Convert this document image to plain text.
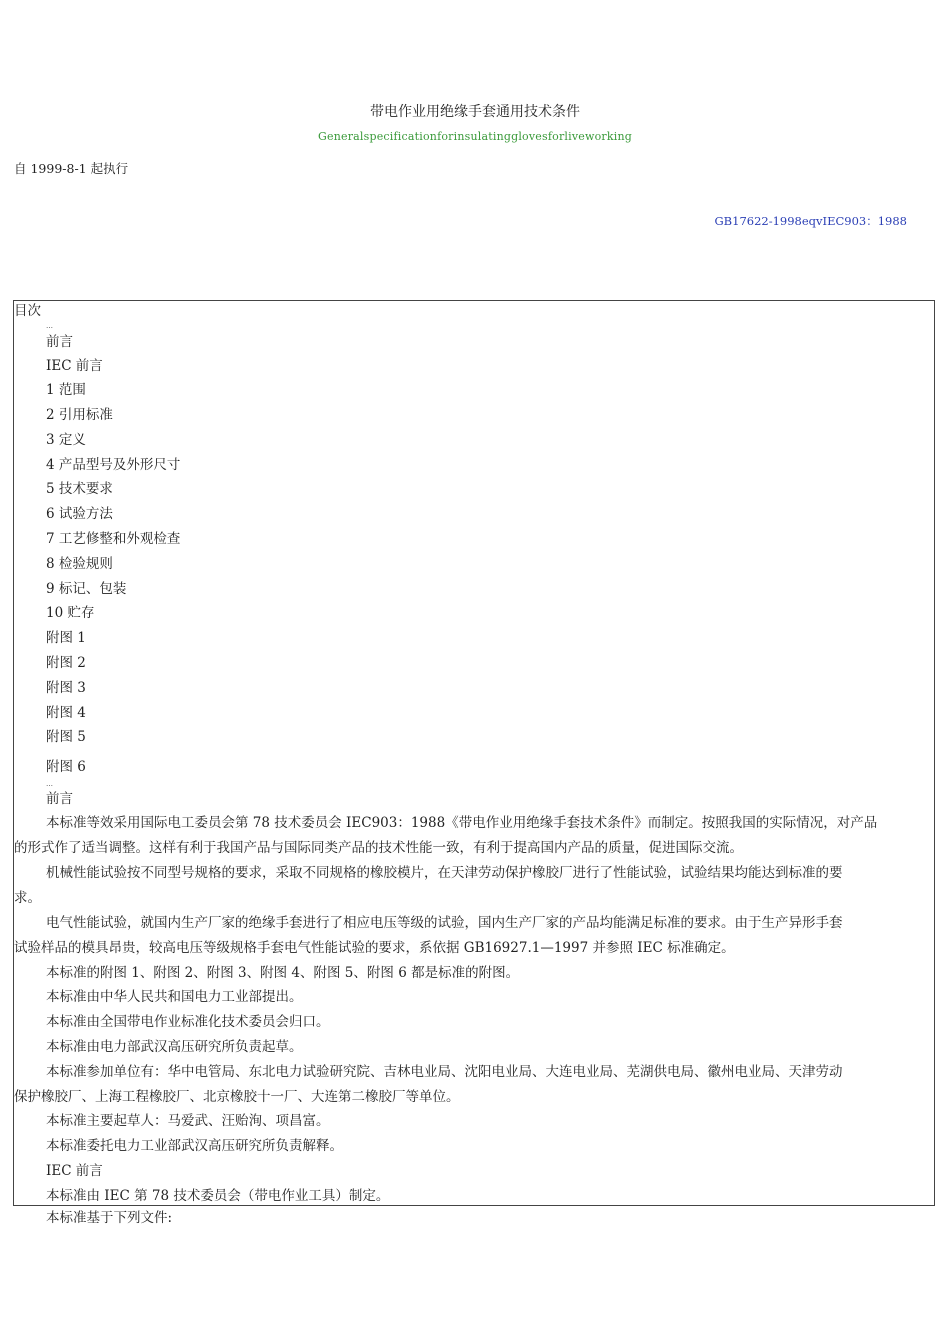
带电作业用绝缘手套通用技术条件
Generalspecificationforinsulatingglovesforliveworking
自 1999-8-1 起执行
GB17622-1998eqvIEC903：1988
目次
…
前言
IEC 前言
1 范围
2 引用标准
3 定义
4 产品型号及外形尺寸
5 技术要求
6 试验方法
7 工艺修整和外观检查
8 检验规则
9 标记、包装
10 贮存
附图 1
附图 2
附图 3
附图 4
附图 5
附图 6
…
前言
本标准等效采用国际电工委员会第 78 技术委员会 IEC903：1988《带电作业用绝缘手套技术条件》而制定。按照我国的实际情况，对产品
的形式作了适当调整。这样有利于我国产品与国际同类产品的技术性能一致，有利于提高国内产品的质量，促进国际交流。
机械性能试验按不同型号规格的要求，采取不同规格的橡胶模片，在天津劳动保护橡胶厂进行了性能试验，试验结果均能达到标准的要
求。
电气性能试验，就国内生产厂家的绝缘手套进行了相应电压等级的试验，国内生产厂家的产品均能满足标准的要求。由于生产异形手套
试验样品的模具昂贵，较高电压等级规格手套电气性能试验的要求，系依据 GB16927.1—1997 并参照 IEC 标准确定。
本标准的附图 1、附图 2、附图 3、附图 4、附图 5、附图 6 都是标准的附图。
本标准由中华人民共和国电力工业部提出。
本标准由全国带电作业标准化技术委员会归口。
本标准由电力部武汉高压研究所负责起草。
本标准参加单位有：华中电管局、东北电力试验研究院、吉林电业局、沈阳电业局、大连电业局、芜湖供电局、徽州电业局、天津劳动
保护橡胶厂、上海工程橡胶厂、北京橡胶十一厂、大连第二橡胶厂等单位。
本标准主要起草人：马爱武、汪贻洵、项昌富。
本标准委托电力工业部武汉高压研究所负责解释。
IEC 前言
本标准由 IEC 第 78 技术委员会（带电作业工具）制定。
本标准基于下列文件:
